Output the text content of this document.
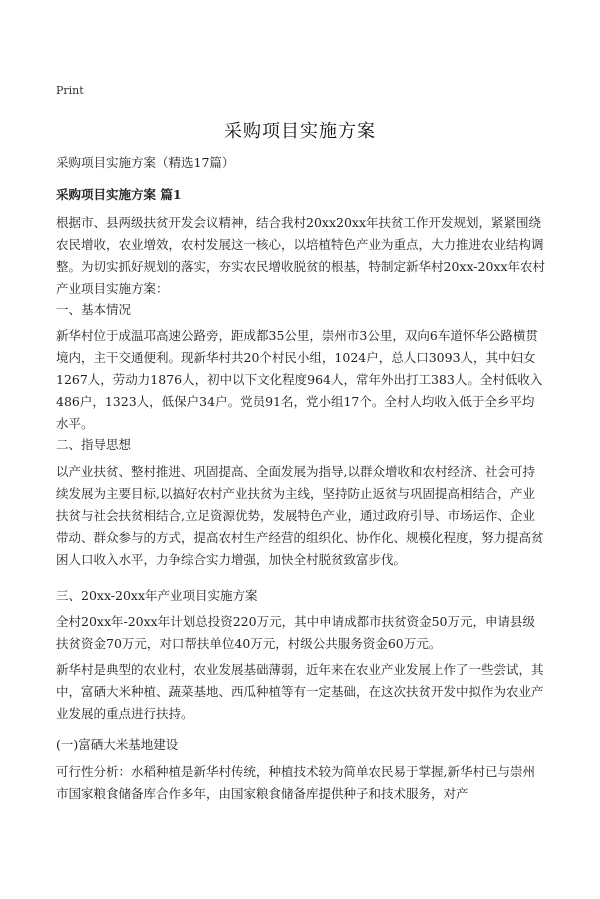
Print
采购项目实施方案
采购项目实施方案（精选17篇）
采购项目实施方案 篇1

根据市、县两级扶贫开发会议精神，结合我村20xx20xx年扶贫工作开发规划，紧紧围绕农民增收，农业增效，农村发展这一核心，以培植特色产业为重点，大力推进农业结构调整。为切实抓好规划的落实，夯实农民增收脱贫的根基，特制定新华村20xx-20xx年农村产业项目实施方案：

一、基本情况

新华村位于成温邛高速公路旁，距成都35公里，崇州市3公里，双向6车道怀华公路横贯境内，主干交通便利。现新华村共20个村民小组，1024户，总人口3093人，其中妇女1267人，劳动力1876人，初中以下文化程度964人，常年外出打工383人。全村低收入486户，1323人，低保户34户。党员91名，党小组17个。全村人均收入低于全乡平均水平。

二、指导思想

以产业扶贫、整村推进、巩固提高、全面发展为指导,以群众增收和农村经济、社会可持续发展为主要目标,以搞好农村产业扶贫为主线，坚持防止返贫与巩固提高相结合，产业扶贫与社会扶贫相结合,立足资源优势，发展特色产业，通过政府引导、市场运作、企业带动、群众参与的方式，提高农村生产经营的组织化、协作化、规模化程度，努力提高贫困人口收入水平，力争综合实力增强，加快全村脱贫致富步伐。

三、20xx-20xx年产业项目实施方案

全村20xx年-20xx年计划总投资220万元，其中申请成都市扶贫资金50万元，申请县级扶贫资金70万元，对口帮扶单位40万元，村级公共服务资金60万元。

新华村是典型的农业村，农业发展基础薄弱，近年来在农业产业发展上作了一些尝试，其中，富硒大米种植、蔬菜基地、西瓜种植等有一定基础，在这次扶贫开发中拟作为农业产业发展的重点进行扶持。

(一)富硒大米基地建设

可行性分析：水稻种植是新华村传统，种植技术较为简单农民易于掌握,新华村已与崇州市国家粮食储备库合作多年，由国家粮食储备库提供种子和技术服务，对产
